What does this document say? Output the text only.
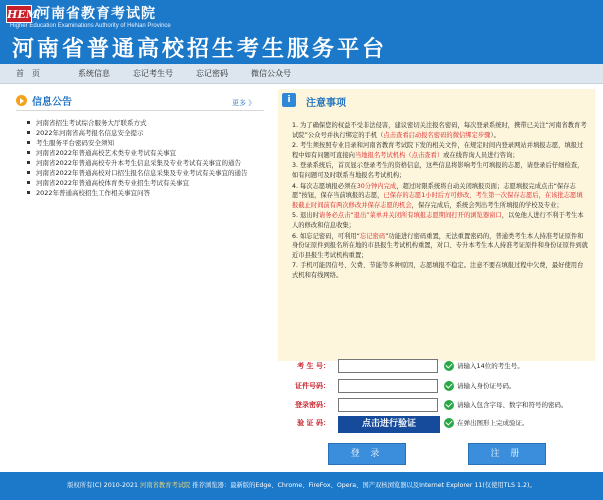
HEM
河南省教育考试院
Higher Education Examinations Authority of HeNan Province
河南省普通高校招生考生服务平台
首　页	系统信息	忘记考生号	忘记密码	微信公众号
信息公告	更多 》
河南省招生考试综合服务大厅联系方式
2022年河南省高考报名信息安全提示
考生服务平台密码安全须知
河南省2022年普通高校艺术类专业考试有关事宜
河南省2022年普通高校专升本考生信息采集及专业考试有关事宜的通告
河南省2022年普通高校对口招生报名信息采集及专业考试有关事宜的通告
河南省2022年普通高校体育类专业招生考试有关事宜
2022年普通高校招生工作相关事宜问答
i	注意事项

1. 为了确保您的权益不受非法侵害，建议密切关注报名密码，每次登录系统时，携带已关注“河南省教育考试院”公众号并执行绑定的手机（点击查看启动报名密码的微信绑定步骤）。

2. 考生须按照专业目录和河南省教育考试院下发的相关文件，在规定时间内登录网站并填报志愿，填报过程中如有问题可直接向当地报名考试机构（点击查看）或在线咨询人员进行咨询；

3. 登录系统后，首页显示登录考生的资格信息，这些信息将影响考生可填报的志愿，请登录后仔细检查，如有问题可及时联系当地报名考试机构；

4. 每次志愿填报必须在30分钟内完成，超过时限系统将自动关闭填报页面；志愿填报完成点击“保存志愿”按钮，保存当前填报的志愿，已保存的志愿1小时后方可修改，考生第一次保存志愿后，在该批志愿填报截止时间前有两次修改并保存志愿的机会，保存完成后，系统会列出考生所填报的学校及专业；

5. 退出时请务必点击“退出”菜单并关闭所有填报志愿期间打开的浏览器窗口，以免他人进行不利于考生本人的修改和信息收集；

6. 如忘记密码，可利用“忘记密码”功能进行密码重置，无法重置密码的，普通类考生本人持准考证原件和身份证原件到报名所在地的市县报生考试机构重置，对口、专升本考生本人持准考证原件和身份证原件到就近市县报生考试机构重置；

7. 手机可能因信号、欠费、节能等多种原因，志愿填报不稳定。注意不要在填报过程中欠费，最好使用台式机和有线网络。

考 生 号：	请输入14位的考生号。
证件号码：	请输入身份证号码。
登录密码：	请输入包含字母、数字和符号的密码。
验 证 码：	点击进行验证	在弹出图形上完成验证。
登 录	注 册
版权所有(C) 2010-2021 河南省教育考试院 推荐浏览器：最新版的Edge、Chrome、FireFox、Opera、国产双核浏览器以及Internet Explorer 11(仅使用TLS 1.2)。
